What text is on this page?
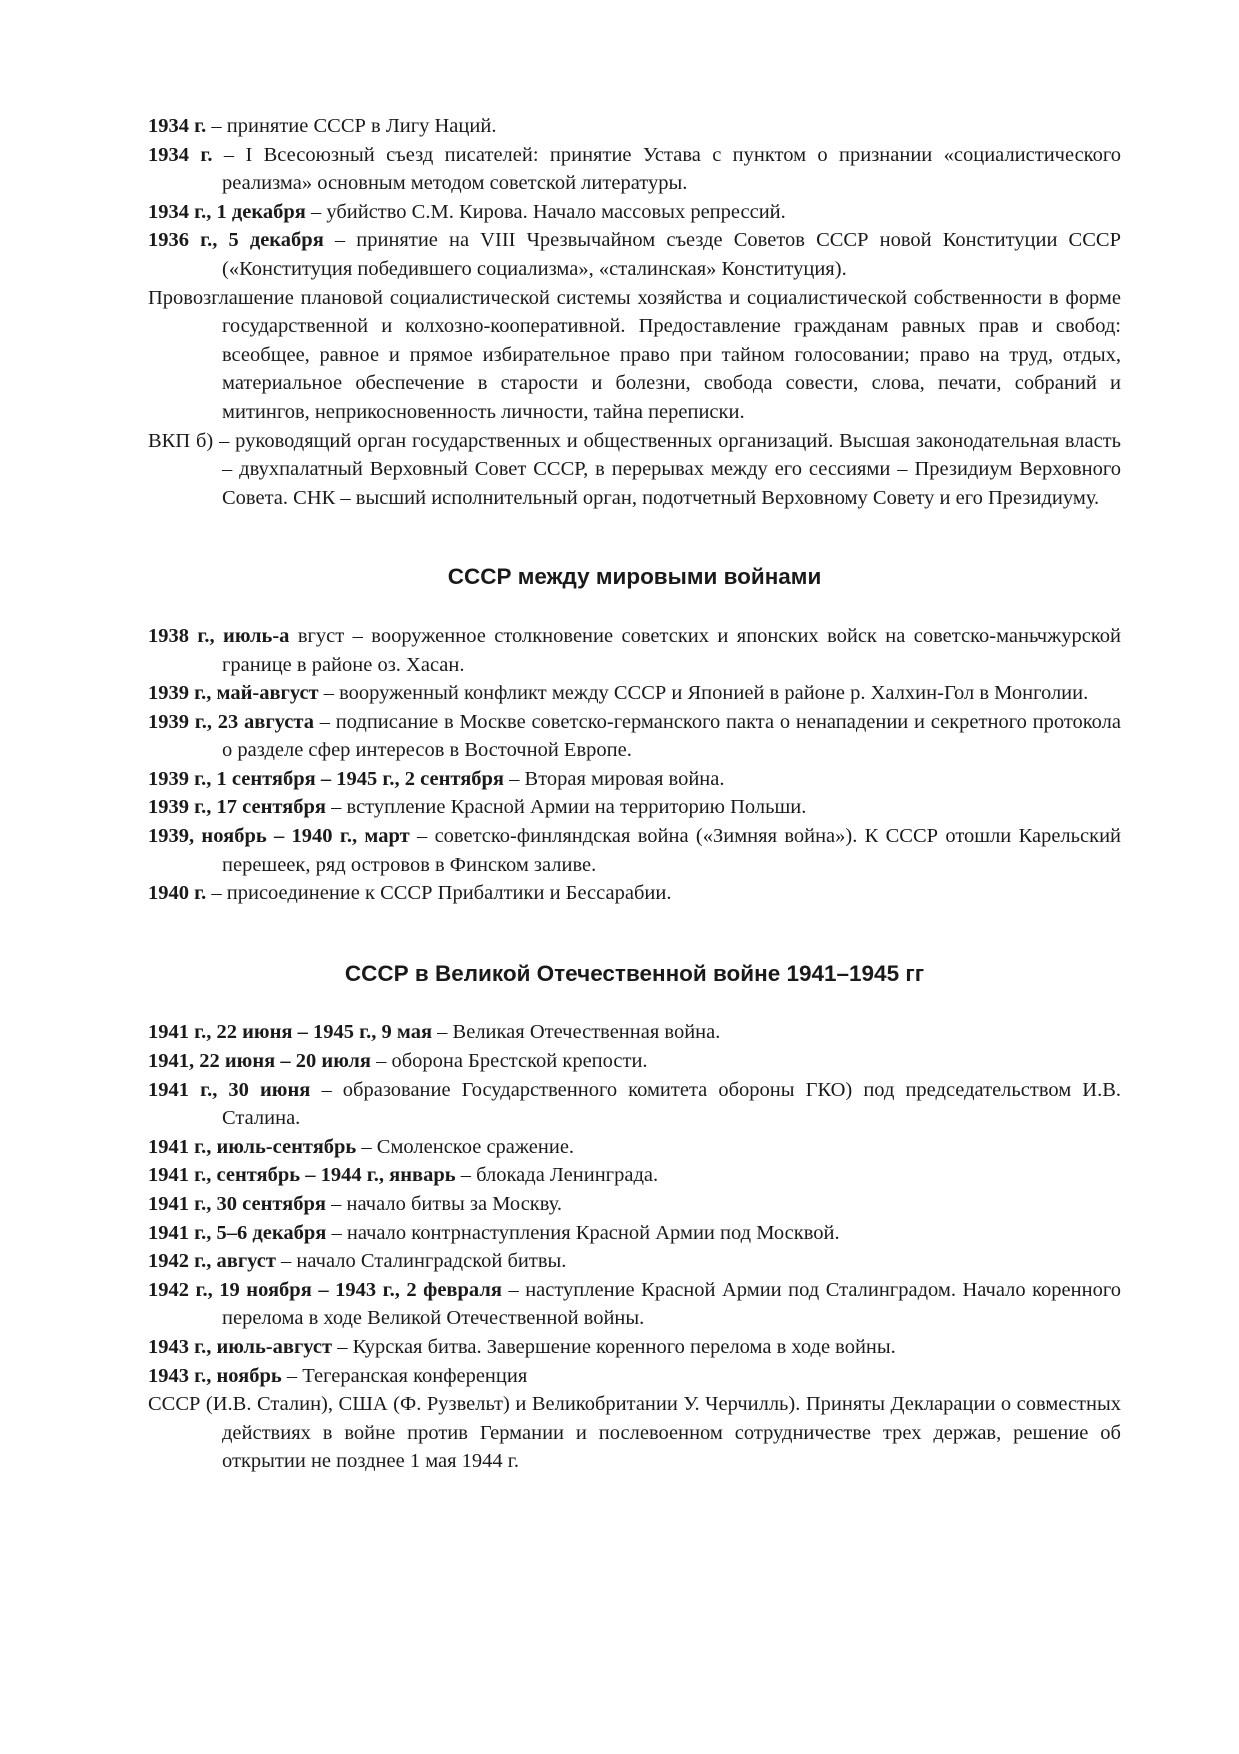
1934 г. – принятие СССР в Лигу Наций.

1934 г. – I Всесоюзный съезд писателей: принятие Устава с пунктом о признании «социалистического реализма» основным методом советской литературы.

1934 г., 1 декабря – убийство С.М. Кирова. Начало массовых репрессий.

1936 г., 5 декабря – принятие на VIII Чрезвычайном съезде Советов СССР новой Конституции СССР («Конституция победившего социализма», «сталинская» Конституция).

Провозглашение плановой социалистической системы хозяйства и социалистической собственности в форме государственной и колхозно-кооперативной. Предоставление гражданам равных прав и свобод: всеобщее, равное и прямое избирательное право при тайном голосовании; право на труд, отдых, материальное обеспечение в старости и болезни, свобода совести, слова, печати, собраний и митингов, неприкосновенность личности, тайна переписки.

ВКП б) – руководящий орган государственных и общественных организаций. Высшая законодательная власть – двухпалатный Верховный Совет СССР, в перерывах между его сессиями – Президиум Верховного Совета. СНК – высший исполнительный орган, подотчетный Верховному Совету и его Президиуму.

СССР между мировыми войнами

1938 г., июль-а вгуст – вооруженное столкновение советских и японских войск на советско-маньчжурской границе в районе оз. Хасан.

1939 г., май-август – вооруженный конфликт между СССР и Японией в районе р. Халхин-Гол в Монголии.

1939 г., 23 августа – подписание в Москве советско-германского пакта о ненападении и секретного протокола о разделе сфер интересов в Восточной Европе.

1939 г., 1 сентября – 1945 г., 2 сентября – Вторая мировая война.

1939 г., 17 сентября – вступление Красной Армии на территорию Польши.

1939, ноябрь – 1940 г., март – советско-финляндская война («Зимняя война»). К СССР отошли Карельский перешеек, ряд островов в Финском заливе.

1940 г. – присоединение к СССР Прибалтики и Бессарабии.

СССР в Великой Отечественной войне 1941–1945 гг

1941 г., 22 июня – 1945 г., 9 мая – Великая Отечественная война.

1941, 22 июня – 20 июля – оборона Брестской крепости.

1941 г., 30 июня – образование Государственного комитета обороны ГКО) под председательством И.В. Сталина.

1941 г., июль-сентябрь – Смоленское сражение.

1941 г., сентябрь – 1944 г., январь – блокада Ленинграда.

1941 г., 30 сентября – начало битвы за Москву.

1941 г., 5–6 декабря – начало контрнаступления Красной Армии под Москвой.

1942 г., август – начало Сталинградской битвы.

1942 г., 19 ноября – 1943 г., 2 февраля – наступление Красной Армии под Сталинградом. Начало коренного перелома в ходе Великой Отечественной войны.

1943 г., июль-август – Курская битва. Завершение коренного перелома в ходе войны.

1943 г., ноябрь – Тегеранская конференция

СССР (И.В. Сталин), США (Ф. Рузвельт) и Великобритании У. Черчилль). Приняты Декларации о совместных действиях в войне против Германии и послевоенном сотрудничестве трех держав, решение об открытии не позднее 1 мая 1944 г.
